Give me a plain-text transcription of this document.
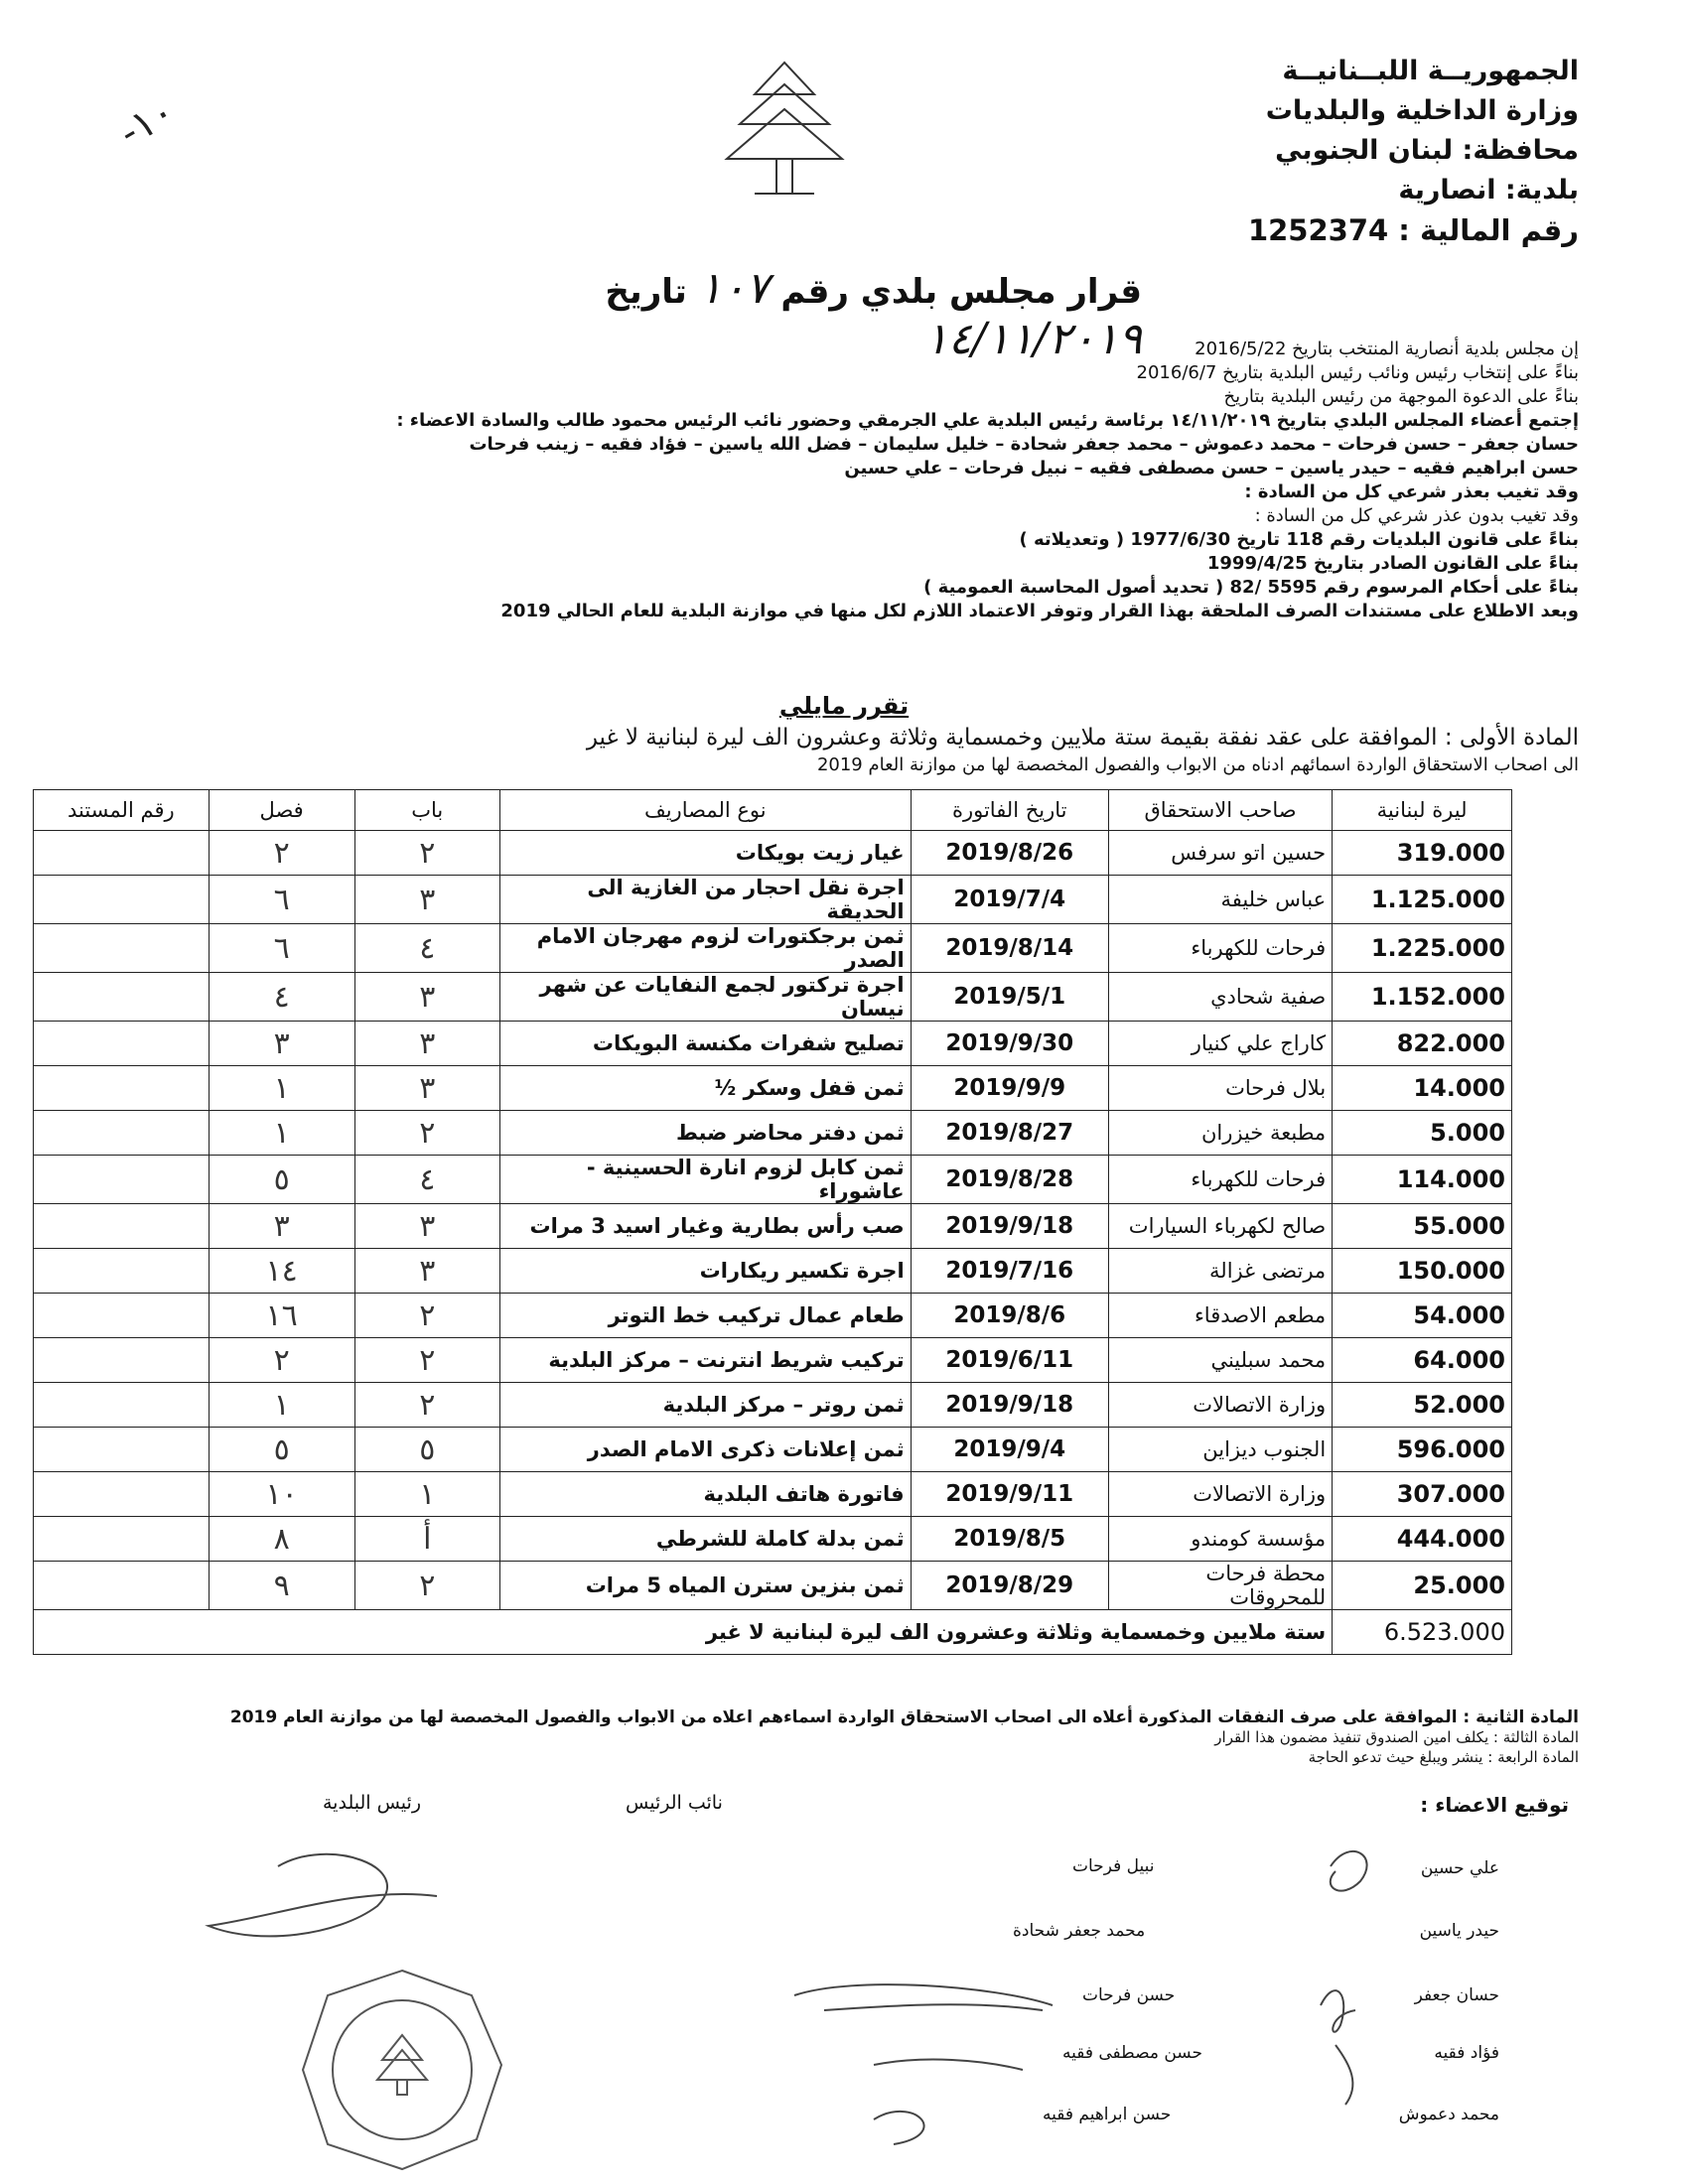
الجمهوريــة اللبــنانيــة
وزارة الداخلية والبلديات
محافظة: لبنان الجنوبي
بلدية: انصارية
رقم المالية : 1252374
-١٠
قرار مجلس بلدي رقم ١٠٧ تاريخ ١٤/١١/٢٠١٩	إن مجلس بلدية أنصارية المنتخب بتاريخ 2016/5/22
بناءً على إنتخاب رئيس ونائب رئيس البلدية بتاريخ 2016/6/7
بناءً على الدعوة الموجهة من رئيس البلدية بتاريخ
إجتمع أعضاء المجلس البلدي بتاريخ ١٤/١١/٢٠١٩ برئاسة رئيس البلدية علي الجرمقي وحضور نائب الرئيس محمود طالب والسادة الاعضاء :
حسان جعفر – حسن فرحات – محمد دعموش – محمد جعفر شحادة – خليل سليمان – فضل الله ياسين – فؤاد فقيه – زينب فرحات
حسن ابراهيم فقيه – حيدر ياسين – حسن مصطفى فقيه – نبيل فرحات – علي حسين
وقد تغيب بعذر شرعي كل من السادة :
وقد تغيب بدون عذر شرعي كل من السادة :
بناءً على قانون البلديات رقم 118 تاريخ 1977/6/30 ( وتعديلاته )
بناءً على القانون الصادر بتاريخ 1999/4/25
بناءً على أحكام المرسوم رقم 5595 /82 ( تحديد أصول المحاسبة العمومية )
وبعد الاطلاع على مستندات الصرف الملحقة بهذا القرار وتوفر الاعتماد اللازم لكل منها في موازنة البلدية للعام الحالي 2019
تقرر مايلي
المادة الأولى : الموافقة على عقد نفقة بقيمة ستة ملايين وخمسماية وثلاثة وعشرون الف ليرة لبنانية لا غير
الى اصحاب الاستحقاق الواردة اسمائهم ادناه من الابواب والفصول المخصصة لها من موازنة العام 2019
ليرة لبنانية	صاحب الاستحقاق	تاريخ الفاتورة	نوع المصاريف	باب	فصل	رقم المستند
319.000	حسين اتو سرفس	2019/8/26	غيار زيت بويكات	٢	٢	
1.125.000	عباس خليفة	2019/7/4	اجرة نقل احجار من الغازية الى الحديقة	٣	٦	
1.225.000	فرحات للكهرباء	2019/8/14	ثمن برجكتورات لزوم مهرجان الامام الصدر	٤	٦	
1.152.000	صفية شحادي	2019/5/1	اجرة تركتور لجمع النفايات عن شهر نيسان	٣	٤	
822.000	كاراج علي كنيار	2019/9/30	تصليح شفرات مكنسة البويكات	٣	٣	
14.000	بلال فرحات	2019/9/9	ثمن قفل وسكر ½	٣	١	
5.000	مطبعة خيزران	2019/8/27	ثمن دفتر محاضر ضبط	٢	١	
114.000	فرحات للكهرباء	2019/8/28	ثمن كابل لزوم انارة الحسينية - عاشوراء	٤	٥	
55.000	صالح لكهرباء السيارات	2019/9/18	صب رأس بطارية وغيار اسيد 3 مرات	٣	٣	
150.000	مرتضى غزالة	2019/7/16	اجرة تكسير ريكارات	٣	١٤	
54.000	مطعم الاصدقاء	2019/8/6	طعام عمال تركيب خط التوتر	٢	١٦	
64.000	محمد سبليني	2019/6/11	تركيب شريط انترنت – مركز البلدية	٢	٢	
52.000	وزارة الاتصالات	2019/9/18	ثمن روتر – مركز البلدية	٢	١	
596.000	الجنوب ديزاين	2019/9/4	ثمن إعلانات ذكرى الامام الصدر	٥	٥	
307.000	وزارة الاتصالات	2019/9/11	فاتورة هاتف البلدية	١	١٠	
444.000	مؤسسة كومندو	2019/8/5	ثمن بدلة كاملة للشرطي	أ	٨	
25.000	محطة فرحات للمحروقات	2019/8/29	ثمن بنزين سترن المياه 5 مرات	٢	٩	
6.523.000	ستة ملايين وخمسماية وثلاثة وعشرون الف ليرة لبنانية لا غير					
المادة الثانية : الموافقة على صرف النفقات المذكورة أعلاه الى اصحاب الاستحقاق الواردة اسماءهم اعلاه من الابواب والفصول المخصصة لها من موازنة العام 2019
المادة الثالثة : يكلف امين الصندوق تنفيذ مضمون هذا القرار
المادة الرابعة : ينشر ويبلغ حيث تدعو الحاجة
توقيع الاعضاء :
نائب الرئيس
رئيس البلدية
علي حسين
حيدر ياسين
حسان جعفر
فؤاد فقيه
محمد دعموش
نبيل فرحات
محمد جعفر شحادة
حسن فرحات
حسن مصطفى فقيه
حسن ابراهيم فقيه
